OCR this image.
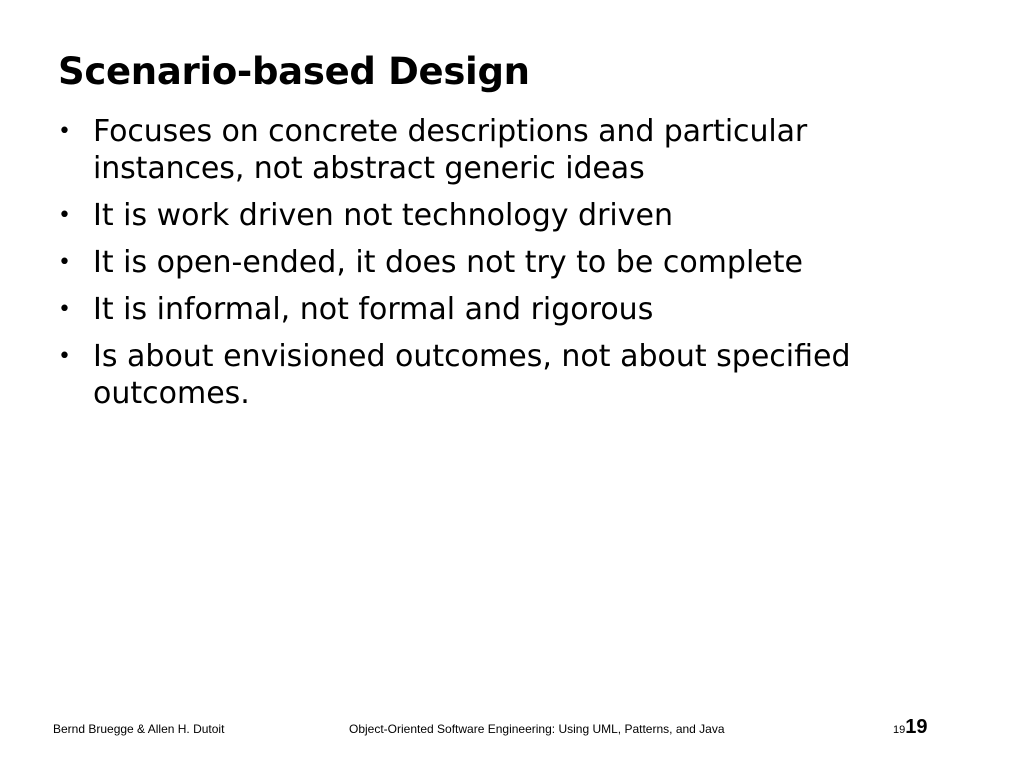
Scenario-based Design
• Focuses on concrete descriptions and particular instances, not abstract generic ideas
• It is work driven not technology driven
• It is open-ended, it does not try to be complete
• It is informal, not formal and rigorous
• Is about envisioned outcomes, not about specified outcomes.
Bernd Bruegge & Allen H. Dutoit	Object-Oriented Software Engineering: Using UML, Patterns, and Java	19 19
